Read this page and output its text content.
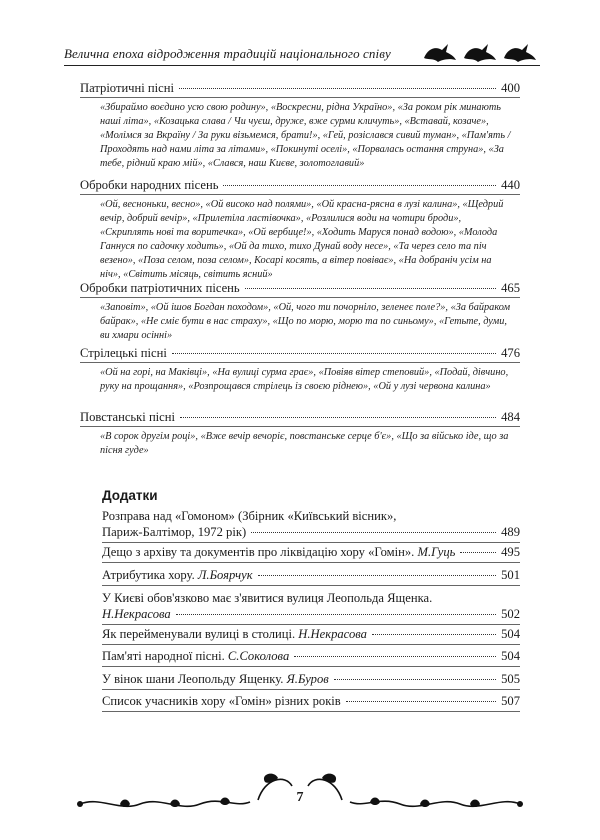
Величнa епоха відродження традицій національного співу
Патріотичні пісні	400
«Збираймо воєдино усю свою родину», «Воскресни, рідна Україно», «За роком рік минають наші літа», «Козацька слава / Чи чуєш, друже, вже сурми кличуть», «Вставай, козаче», «Молімся за Вкраїну / За руки візьмемся, брати!», «Гей, розіслався сивий туман», «Пам'ять / Проходять над нами літа за літами», «Покинуті оселі», «Порвалась остання струна», «За тебе, рідний краю мій», «Слався, наш Києве, золотоглавий»
Обробки народних пісень	440
«Ой, весноньки, весно», «Ой високо над полями», «Ой красна-рясна в лузі калина», «Щедрий вечір, добрий вечір», «Прилетіла ластівочка», «Розлилися води на чотири броди», «Скриплять нові та воритечка», «Ой вербице!», «Ходить Маруся понад водою», «Молода Ганнуся по садочку ходить», «Ой да тихо, тихо Дунай воду несе», «Та через село та піч везено», «Поза селом, поза селом», Косарі косять, а вітер повіває», «На добраніч усім на ніч», «Світить місяць, світить ясний»
Обробки патріотичних пісень	465
«Заповіт», «Ой ішов Богдан походом», «Ой, чого ти почорніло, зеленеє поле?», «За байраком байрак», «Не сміє бути в нас страху», «Що по морю, морю та по синьому», «Гетьте, думи, ви хмари осінні»
Стрілецькі пісні	476
«Ой на горі, на Маківці», «На вулиці сурма грає», «Повіяв вітер степовий», «Подай, дівчино, руку на прощання», «Розпрощався стрілець із своєю ріднею», «Ой у лузі червона калина»
Повстанські пісні	484
«В сорок другім році», «Вже вечір вечоріє, повстанське серце б'є», «Що за військо іде, що за пісня гуде»
Додатки
Розправа над «Гомоном» (Збірник «Київський вісник»,
Париж-Балтімор, 1972 рік)	489
Дещо з архіву та документів про ліквідацію хору «Гомін». М.Гуць	495
Атрибутика хору. Л.Боярчук	501
У Києві обов'язково має з'явитися вулиця Леопольда Ященка.
Н.Некрасова	502
Як перейменували вулиці в столиці. Н.Некрасова	504
Пам'яті народної пісні. С.Соколова	504
У вінок шани Леопольду Ященку. Я.Буров	505
Список учасників хору «Гомін» різних років	507
7
